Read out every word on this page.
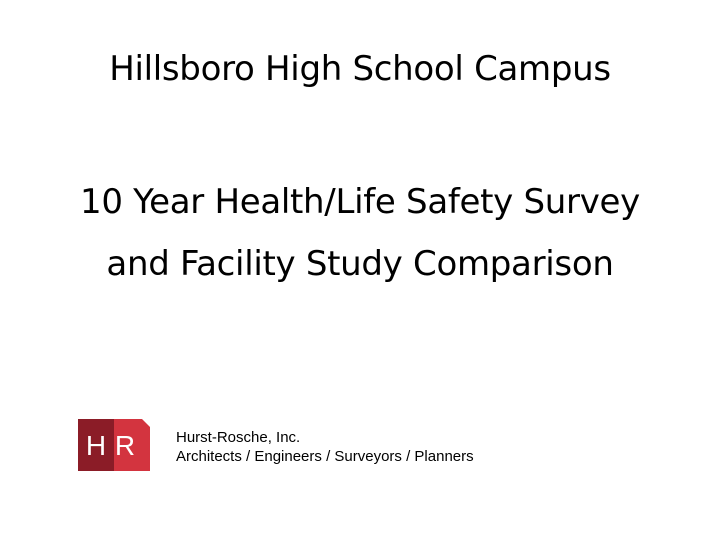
Hillsboro High School Campus
10 Year Health/Life Safety Survey
and Facility Study Comparison
H R	Hurst-Rosche, Inc.
Architects / Engineers / Surveyors / Planners
